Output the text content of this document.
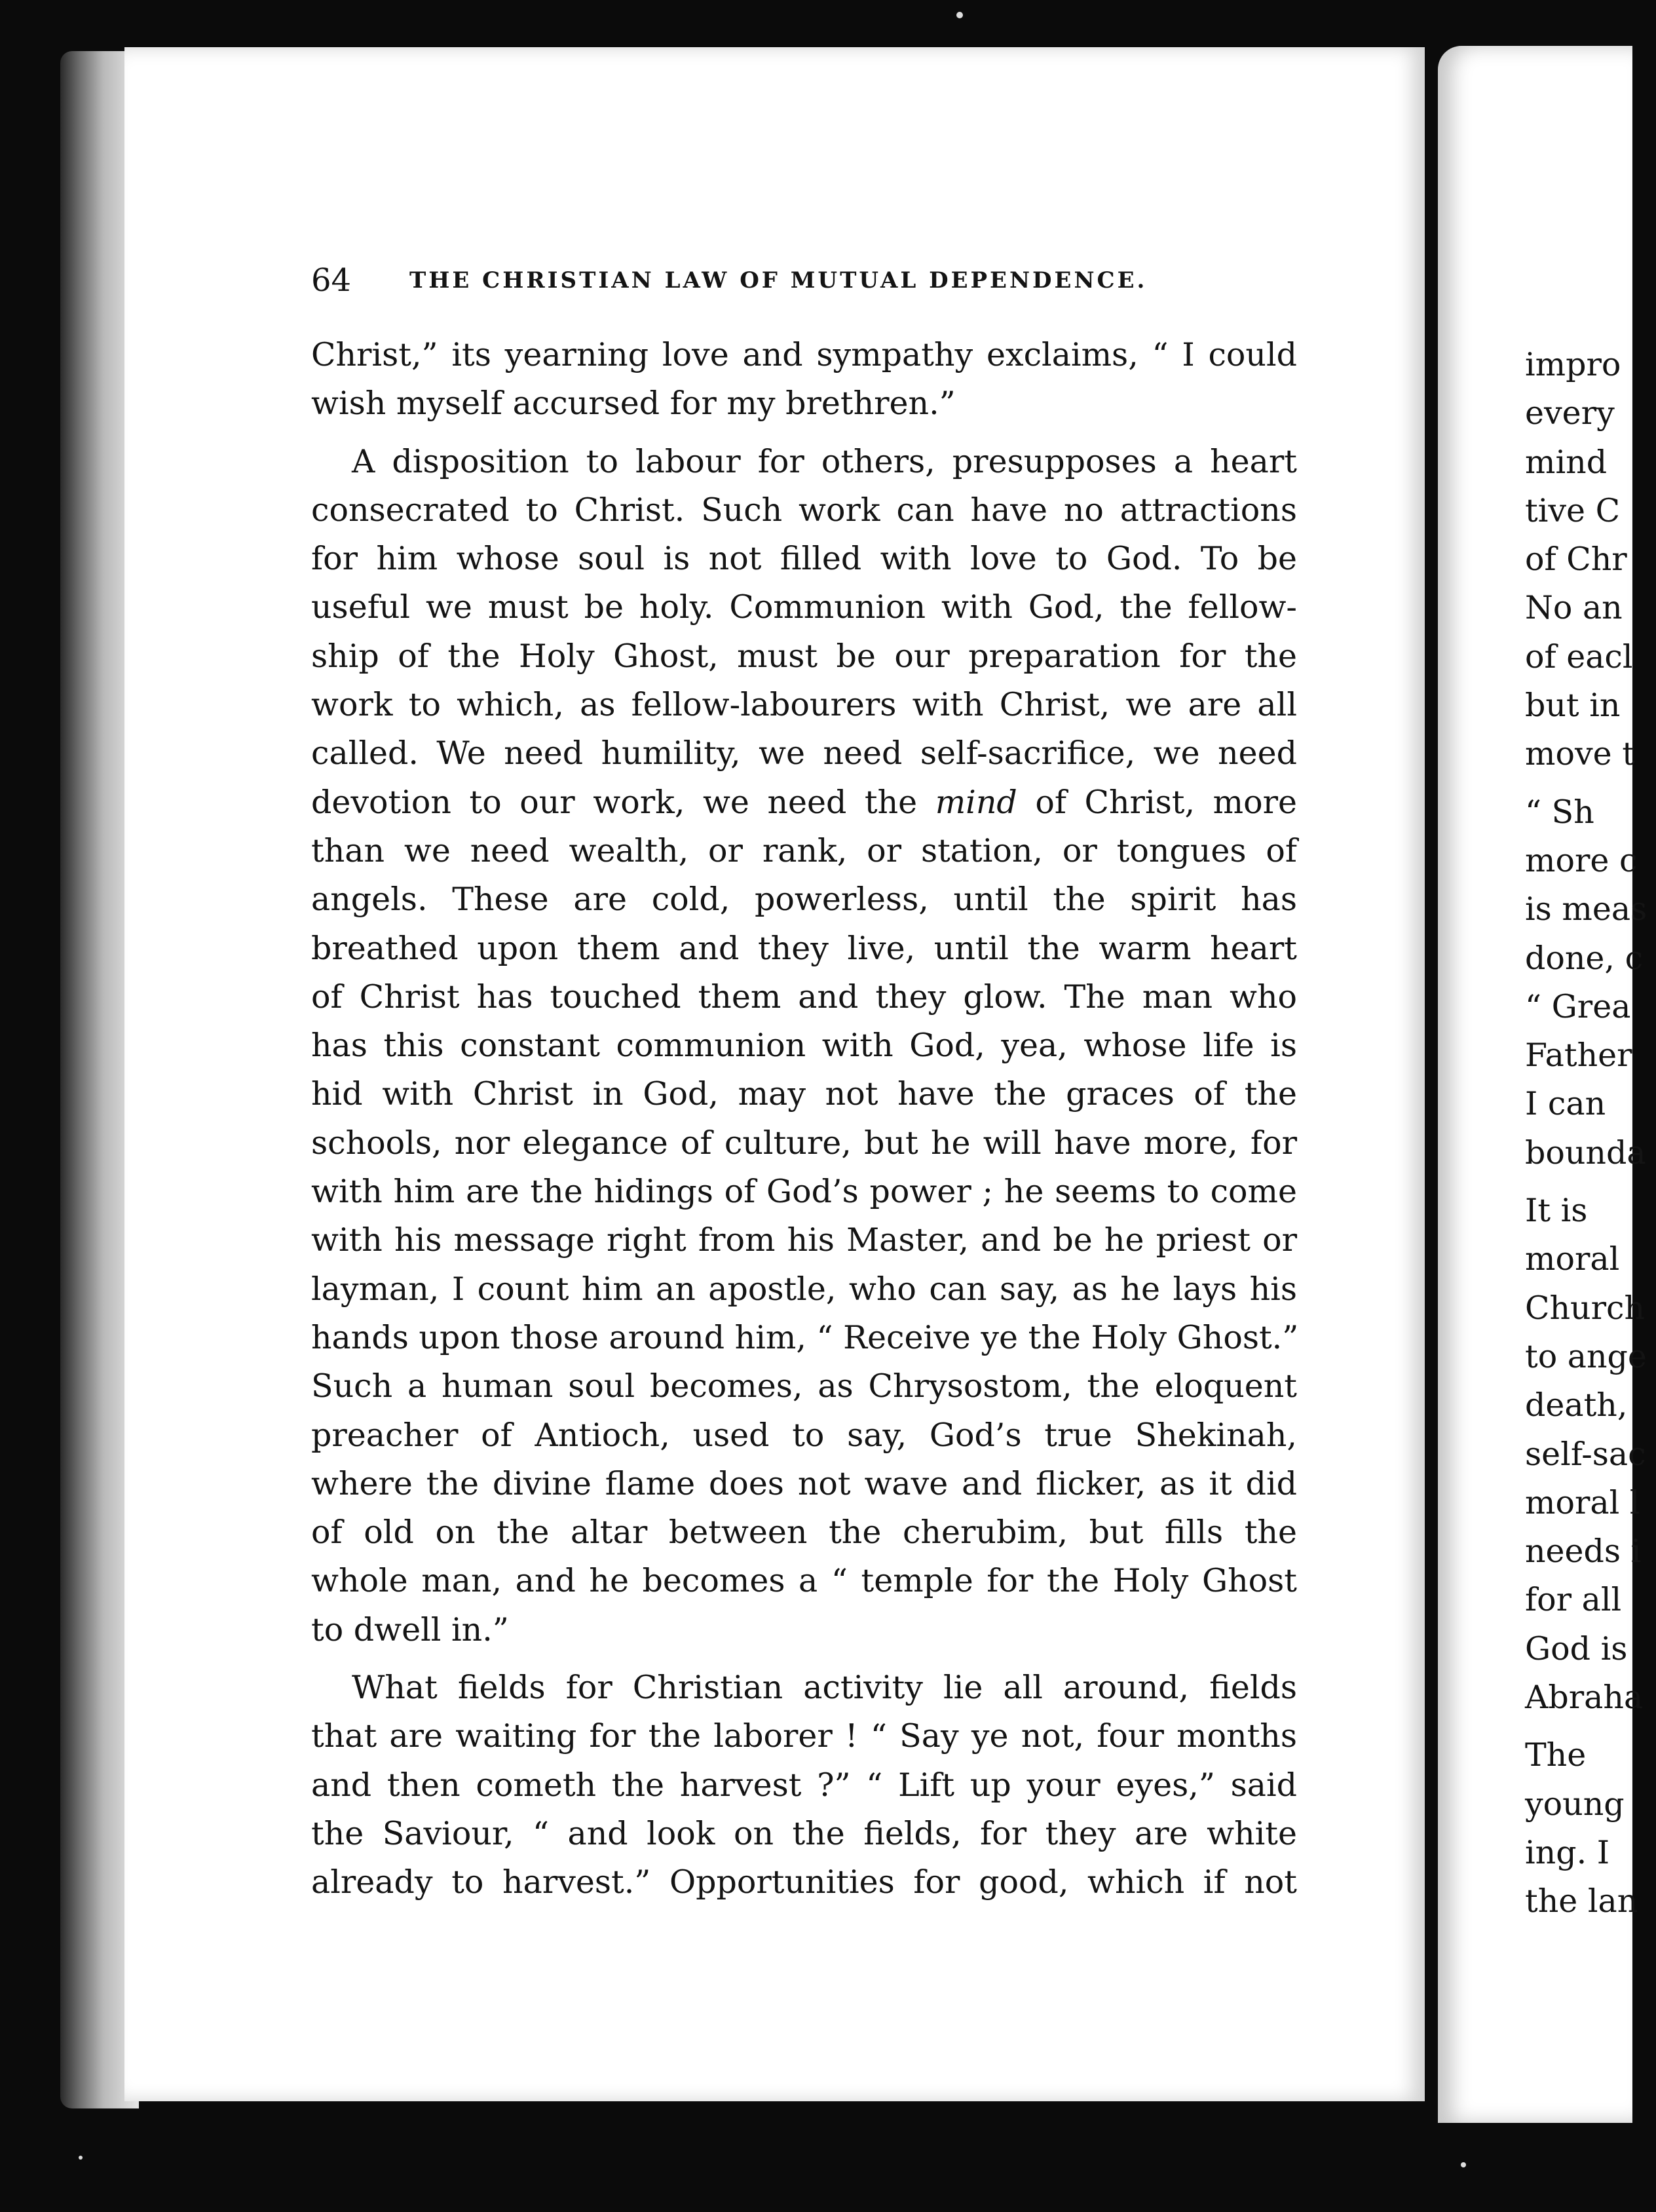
impro
every
mind
tive C
of Chr
No an
of eacl
but in
move t
“ Sh
more c
is meas
done, c
“ Grea
Father
I can
bounda
It is
moral
Church
to ange
death,
self-sac
moral l
needs i
for all
God is
Abraha
The
young
ing. I
the lan
64	THE CHRISTIAN LAW OF MUTUAL DEPENDENCE.
Christ,” its yearning love and sympathy exclaims, “ I could
wish myself accursed for my brethren.”
A disposition to labour for others, presupposes a heart
consecrated to Christ. Such work can have no attractions
for him whose soul is not filled with love to God. To be
useful we must be holy. Communion with God, the fellow-
ship of the Holy Ghost, must be our preparation for the
work to which, as fellow-labourers with Christ, we are all
called. We need humility, we need self-sacrifice, we need
devotion to our work, we need the mind of Christ, more
than we need wealth, or rank, or station, or tongues of
angels. These are cold, powerless, until the spirit has
breathed upon them and they live, until the warm heart
of Christ has touched them and they glow. The man who
has this constant communion with God, yea, whose life is
hid with Christ in God, may not have the graces of the
schools, nor elegance of culture, but he will have more, for
with him are the hidings of God’s power ; he seems to come
with his message right from his Master, and be he priest or
layman, I count him an apostle, who can say, as he lays his
hands upon those around him, “ Receive ye the Holy Ghost.”
Such a human soul becomes, as Chrysostom, the eloquent
preacher of Antioch, used to say, God’s true Shekinah,
where the divine flame does not wave and flicker, as it did
of old on the altar between the cherubim, but fills the
whole man, and he becomes a “ temple for the Holy Ghost
to dwell in.”
What fields for Christian activity lie all around, fields
that are waiting for the laborer ! “ Say ye not, four months
and then cometh the harvest ?” “ Lift up your eyes,” said
the Saviour, “ and look on the fields, for they are white
already to harvest.” Opportunities for good, which if not
